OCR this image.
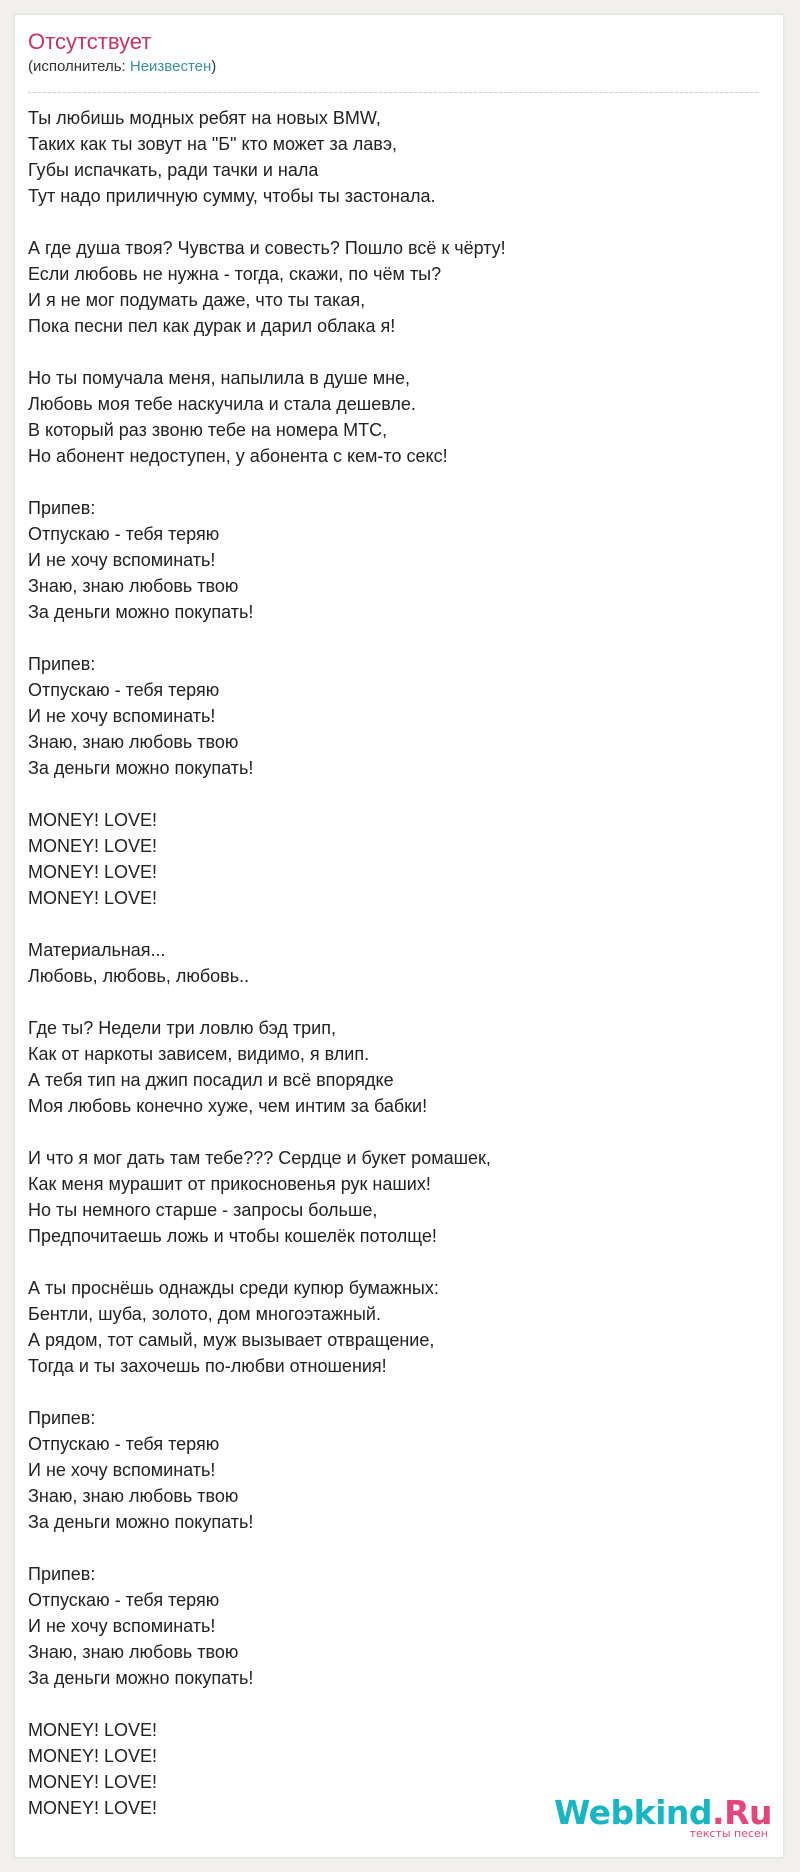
Отсутствует
(исполнитель: Неизвестен)
Ты любишь модных ребят на новых BMW,
Таких как ты зовут на "Б" кто может за лавэ,
Губы испачкать, ради тачки и нала
Тут надо приличную сумму, чтобы ты застонала.
А где душа твоя? Чувства и совесть? Пошло всё к чёрту!
Если любовь не нужна - тогда, скажи, по чём ты?
И я не мог подумать даже, что ты такая,
Пока песни пел как дурак и дарил облака я!
Но ты помучала меня, напылила в душе мне,
Любовь моя тебе наскучила и стала дешевле.
В который раз звоню тебе на номера МТС,
Но абонент недоступен, у абонента с кем-то секс!
Припев:
Отпускаю - тебя теряю
И не хочу вспоминать!
Знаю, знаю любовь твою
За деньги можно покупать!
Припев:
Отпускаю - тебя теряю
И не хочу вспоминать!
Знаю, знаю любовь твою
За деньги можно покупать!
MONEY! LOVE!
MONEY! LOVE!
MONEY! LOVE!
MONEY! LOVE!
Материальная...
Любовь, любовь, любовь..
Где ты? Недели три ловлю бэд трип,
Как от наркоты зависем, видимо, я влип.
А тебя тип на джип посадил и всё впорядке
Моя любовь конечно хуже, чем интим за бабки!
И что я мог дать там тебе??? Сердце и букет ромашек,
Как меня мурашит от прикосновенья рук наших!
Но ты немного старше - запросы больше,
Предпочитаешь ложь и чтобы кошелёк потолще!
А ты проснёшь однажды среди купюр бумажных:
Бентли, шуба, золото, дом многоэтажный.
А рядом, тот самый, муж вызывает отвращение,
Тогда и ты захочешь по-любви отношения!
Припев:
Отпускаю - тебя теряю
И не хочу вспоминать!
Знаю, знаю любовь твою
За деньги можно покупать!
Припев:
Отпускаю - тебя теряю
И не хочу вспоминать!
Знаю, знаю любовь твою
За деньги можно покупать!
MONEY! LOVE!
MONEY! LOVE!
MONEY! LOVE!
MONEY! LOVE!	Webkind.Ru
тексты песен
